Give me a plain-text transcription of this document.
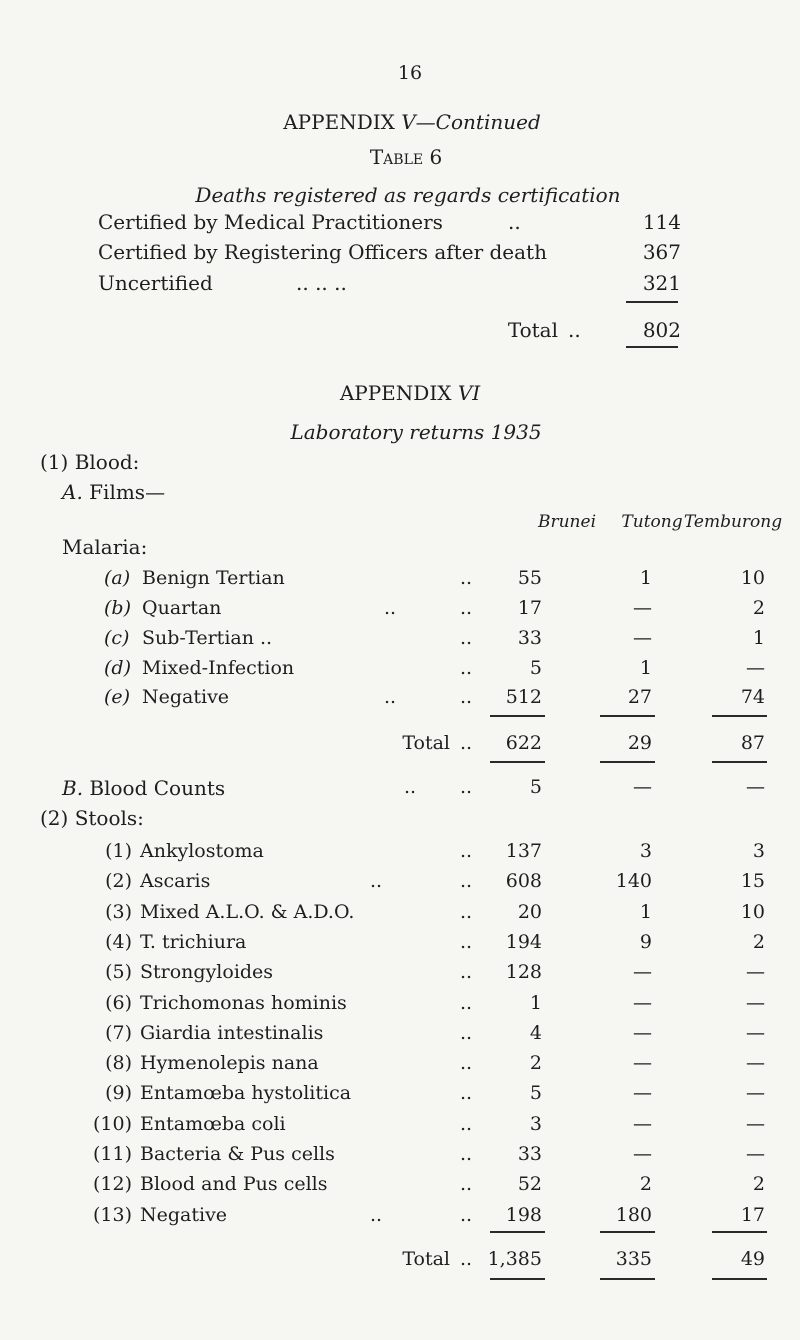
16
APPENDIX V—Continued
Table 6
Deaths registered as regards certification
Certified by Medical Practitioners	..	114
Certified by Registering Officers after death	367
Uncertified	.. .. ..	321
Total ..	802
APPENDIX VI
Laboratory returns 1935
(1) Blood:
A. Films—
Brunei Tutong Temburong
Malaria:
(a) Benign Tertian	.. 55	1	10
(b) Quartan	..	.. 17	—	2
(c) Sub-Tertian ..	.. 33	—	1
(d) Mixed-Infection	..	5	1	—
(e) Negative	..	.. 512	27	74
Total .. 622	29	87
B. Blood Counts	.. ..	5	—	—
(2) Stools:
(1) Ankylostoma	.. 137	3	3
(2) Ascaris	..	.. 608	140	15
(3) Mixed A.L.O. & A.D.O.	.. 20	1	10
(4) T. trichiura	.. 194	9	2
(5) Strongyloides	.. 128	—	—
(6) Trichomonas hominis	..	1	—	—
(7) Giardia intestinalis	..	4	—	—
(8) Hymenolepis nana	..	2	—	—
(9) Entamœba hystolitica	..	5	—	—
(10) Entamœba coli	..	3	—	—
(11) Bacteria & Pus cells	.. 33	—	—
(12) Blood and Pus cells	.. 52	2	2
(13) Negative	..	.. 198	180	17
Total .. 1,385	335	49
